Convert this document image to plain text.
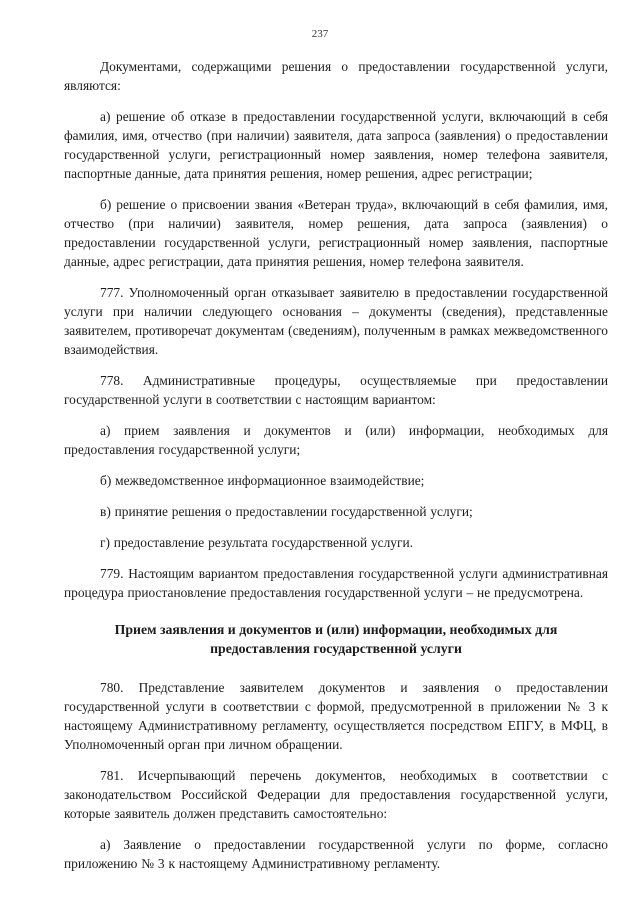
237

Документами, содержащими решения о предоставлении государственной услуги, являются:

а) решение об отказе в предоставлении государственной услуги, включающий в себя фамилия, имя, отчество (при наличии) заявителя, дата запроса (заявления) о предоставлении государственной услуги, регистрационный номер заявления, номер телефона заявителя, паспортные данные, дата принятия решения, номер решения, адрес регистрации;

б) решение о присвоении звания «Ветеран труда», включающий в себя фамилия, имя, отчество (при наличии) заявителя, номер решения, дата запроса (заявления) о предоставлении государственной услуги, регистрационный номер заявления, паспортные данные, адрес регистрации, дата принятия решения, номер телефона заявителя.

777. Уполномоченный орган отказывает заявителю в предоставлении государственной услуги при наличии следующего основания – документы (сведения), представленные заявителем, противоречат документам (сведениям), полученным в рамках межведомственного взаимодействия.

778. Административные процедуры, осуществляемые при предоставлении государственной услуги в соответствии с настоящим вариантом:

а) прием заявления и документов и (или) информации, необходимых для предоставления государственной услуги;

б) межведомственное информационное взаимодействие;

в) принятие решения о предоставлении государственной услуги;

г) предоставление результата государственной услуги.

779. Настоящим вариантом предоставления государственной услуги административная процедура приостановление предоставления государственной услуги – не предусмотрена.

Прием заявления и документов и (или) информации, необходимых для предоставления государственной услуги

780. Представление заявителем документов и заявления о предоставлении государственной услуги в соответствии с формой, предусмотренной в приложении № 3 к настоящему Административному регламенту, осуществляется посредством ЕПГУ, в МФЦ, в Уполномоченный орган при личном обращении.

781. Исчерпывающий перечень документов, необходимых в соответствии с законодательством Российской Федерации для предоставления государственной услуги, которые заявитель должен представить самостоятельно:

а) Заявление о предоставлении государственной услуги по форме, согласно приложению № 3 к настоящему Административному регламенту.
